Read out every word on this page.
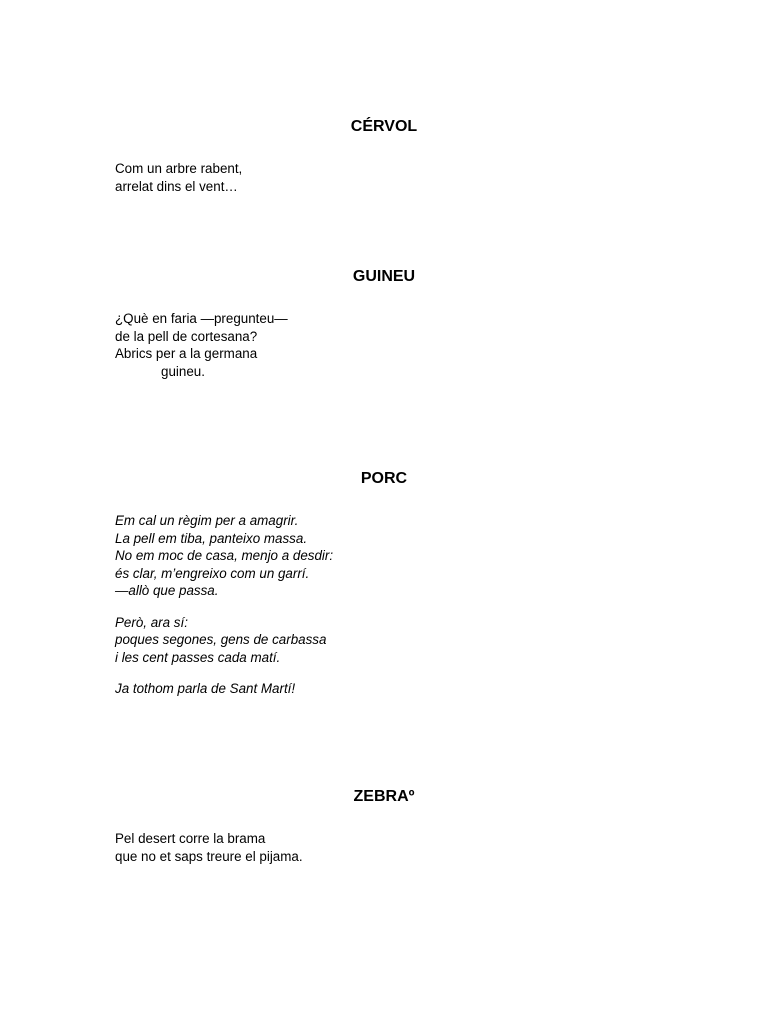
CÉRVOL
Com un arbre rabent,
arrelat dins el vent…
GUINEU
¿Què en faria —pregunteu—
de la pell de cortesana?
Abrics per a la germana
guineu.
PORC
Em cal un règim per a amagrir.
La pell em tiba, panteixo massa.
No em moc de casa, menjo a desdir:
és clar, m’engreixo com un garrí.
—allò que passa.
Però, ara sí:
poques segones, gens de carbassa
i les cent passes cada matí.
Ja tothom parla de Sant Martí!
ZEBRAº
Pel desert corre la brama
que no et saps treure el pijama.
